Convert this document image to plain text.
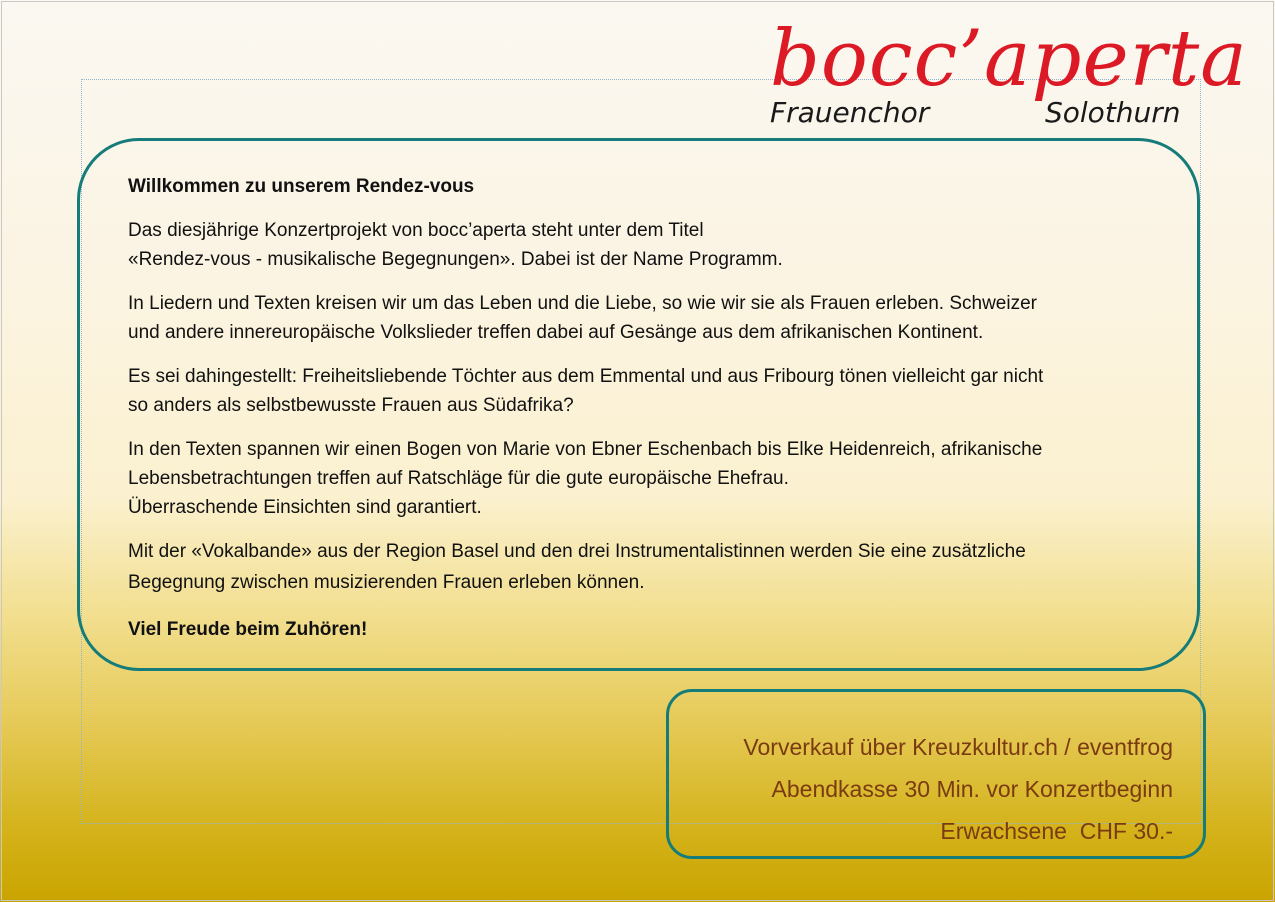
bocc’aperta
Frauenchor	Solothurn

Willkommen zu unserem Rendez-vous

Das diesjährige Konzertprojekt von bocc’aperta steht unter dem Titel
«Rendez-vous - musikalische Begegnungen». Dabei ist der Name Programm.

In Liedern und Texten kreisen wir um das Leben und die Liebe, so wie wir sie als Frauen erleben. Schweizer
und andere innereuropäische Volkslieder treffen dabei auf Gesänge aus dem afrikanischen Kontinent.

Es sei dahingestellt: Freiheitsliebende Töchter aus dem Emmental und aus Fribourg tönen vielleicht gar nicht
so anders als selbstbewusste Frauen aus Südafrika?

In den Texten spannen wir einen Bogen von Marie von Ebner Eschenbach bis Elke Heidenreich, afrikanische
Lebensbetrachtungen treffen auf Ratschläge für die gute europäische Ehefrau.
Überraschende Einsichten sind garantiert.

Mit der «Vokalbande» aus der Region Basel und den drei Instrumentalistinnen werden Sie eine zusätzliche
Begegnung zwischen musizierenden Frauen erleben können.

Viel Freude beim Zuhören!

Vorverkauf über Kreuzkultur.ch / eventfrog
Abendkasse 30 Min. vor Konzertbeginn
Erwachsene  CHF 30.-
